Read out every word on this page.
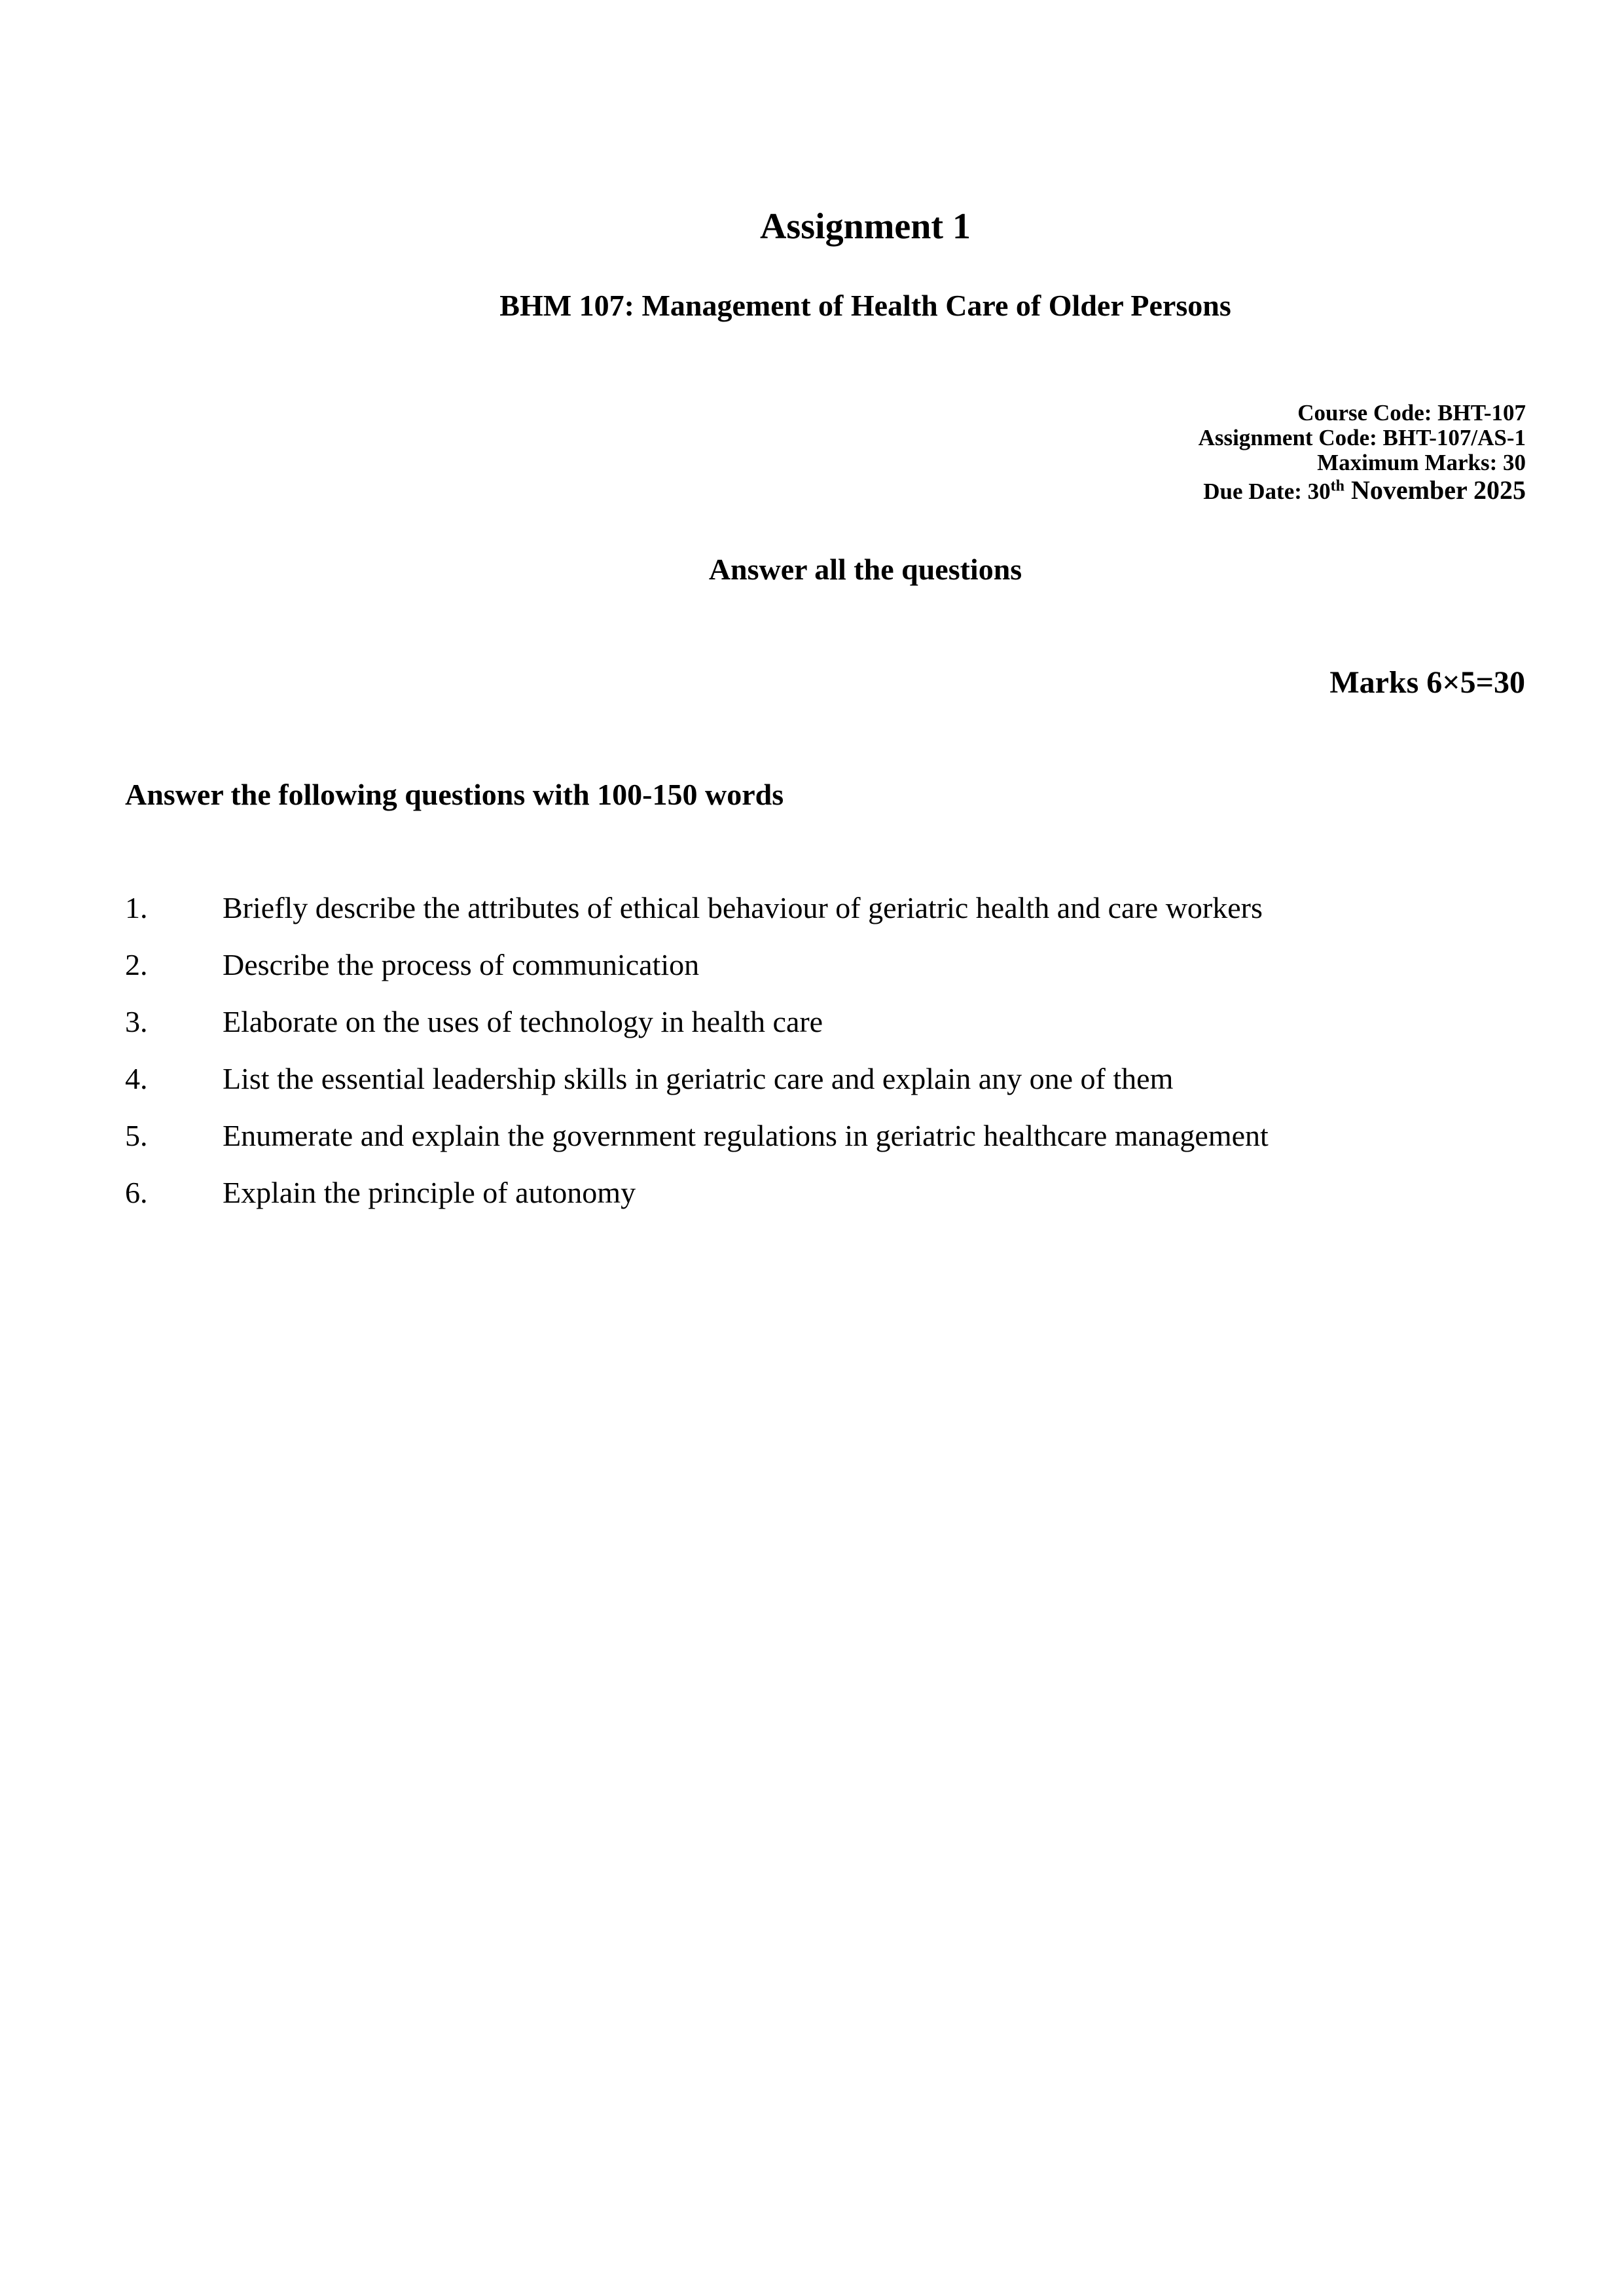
Assignment 1
BHM 107: Management of Health Care of Older Persons
Course Code: BHT-107
Assignment Code: BHT-107/AS-1
Maximum Marks: 30
Due Date: 30th November 2025
Answer all the questions
Marks 6×5=30
Answer the following questions with 100-150 words
1. Briefly describe the attributes of ethical behaviour of geriatric health and care workers
2. Describe the process of communication
3. Elaborate on the uses of technology in health care
4. List the essential leadership skills in geriatric care and explain any one of them
5. Enumerate and explain the government regulations in geriatric healthcare management
6. Explain the principle of autonomy
